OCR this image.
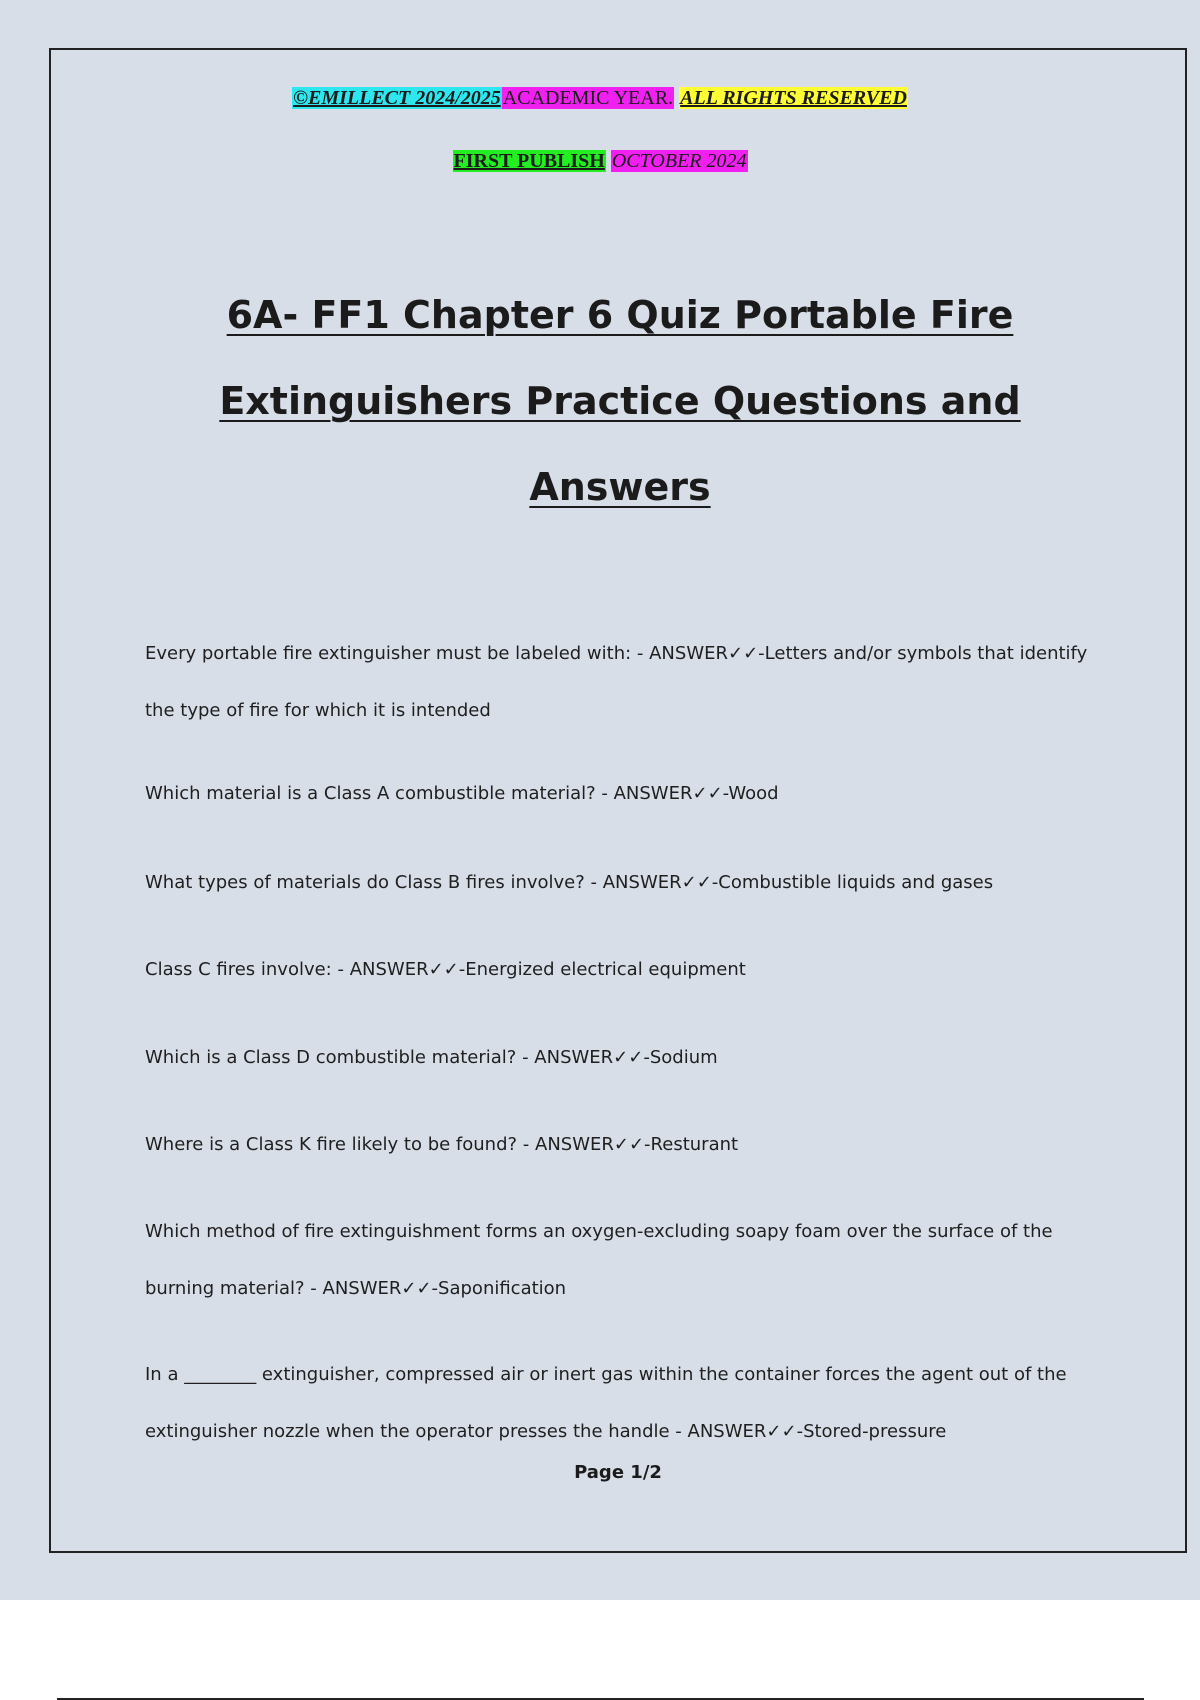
©EMILLECT 2024/2025 ACADEMIC YEAR. ALL RIGHTS RESERVED
FIRST PUBLISH OCTOBER 2024
6A- FF1 Chapter 6 Quiz Portable Fire
Extinguishers Practice Questions and
Answers
Every portable fire extinguisher must be labeled with: - ANSWER✓✓-Letters and/or symbols that identify the type of fire for which it is intended
Which material is a Class A combustible material? - ANSWER✓✓-Wood
What types of materials do Class B fires involve? - ANSWER✓✓-Combustible liquids and gases
Class C fires involve: - ANSWER✓✓-Energized electrical equipment
Which is a Class D combustible material? - ANSWER✓✓-Sodium
Where is a Class K fire likely to be found? - ANSWER✓✓-Resturant
Which method of fire extinguishment forms an oxygen-excluding soapy foam over the surface of the burning material? - ANSWER✓✓-Saponification
In a ________ extinguisher, compressed air or inert gas within the container forces the agent out of the extinguisher nozzle when the operator presses the handle - ANSWER✓✓-Stored-pressure
Page 1/2
